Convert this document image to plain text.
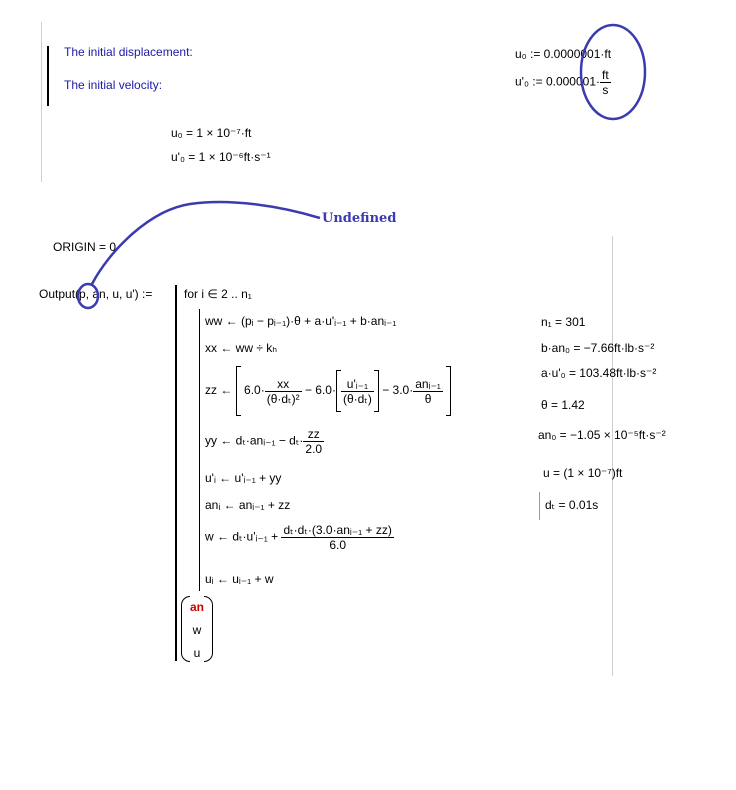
The initial displacement:
The initial velocity:
u₀ := 0.0000001·ft
u'₀ := $0.000001\cdot \frac{ft}{s}$
u₀ = 1 × 10⁻⁷·ft
u'₀ = 1 × 10⁻⁶ft·s⁻¹
Undefined
ORIGIN = 0
Output(p, an, u, u') :=	for i ∈ 2 .. n₁
ww ← (pᵢ − pᵢ₋₁)·θ + a·u'ᵢ₋₁ + b·anᵢ₋₁
xx ← ww ÷ kₕ
zz ← $6.0\cdot \frac{xx}{\text{(θ·dₜ)²}} - 6.0\cdot \frac{\text{u'ᵢ₋₁}}{\text{(θ·dₜ)}} - 3.0\cdot \frac{\text{anᵢ₋₁}}{\theta}$

yy ← dₜ·anᵢ₋₁ − $d_t\cdot \frac{zz}{2.0}$
u'ᵢ ← u'ᵢ₋₁ + yy
anᵢ ← anᵢ₋₁ + zz
w ← dₜ·u'ᵢ₋₁ + $\frac{\text{dₜ·dₜ·(3.0·anᵢ₋₁ + zz)}}{6.0}$
uᵢ ← uᵢ₋₁ + w
an
w
u
n₁ = 301
b·an₀ = −7.66ft·lb·s⁻²
a·u'₀ = 103.48ft·lb·s⁻²
θ = 1.42
an₀ = −1.05 × 10⁻⁵ft·s⁻²
u = (1 × 10⁻⁷)ft
dₜ = 0.01s
